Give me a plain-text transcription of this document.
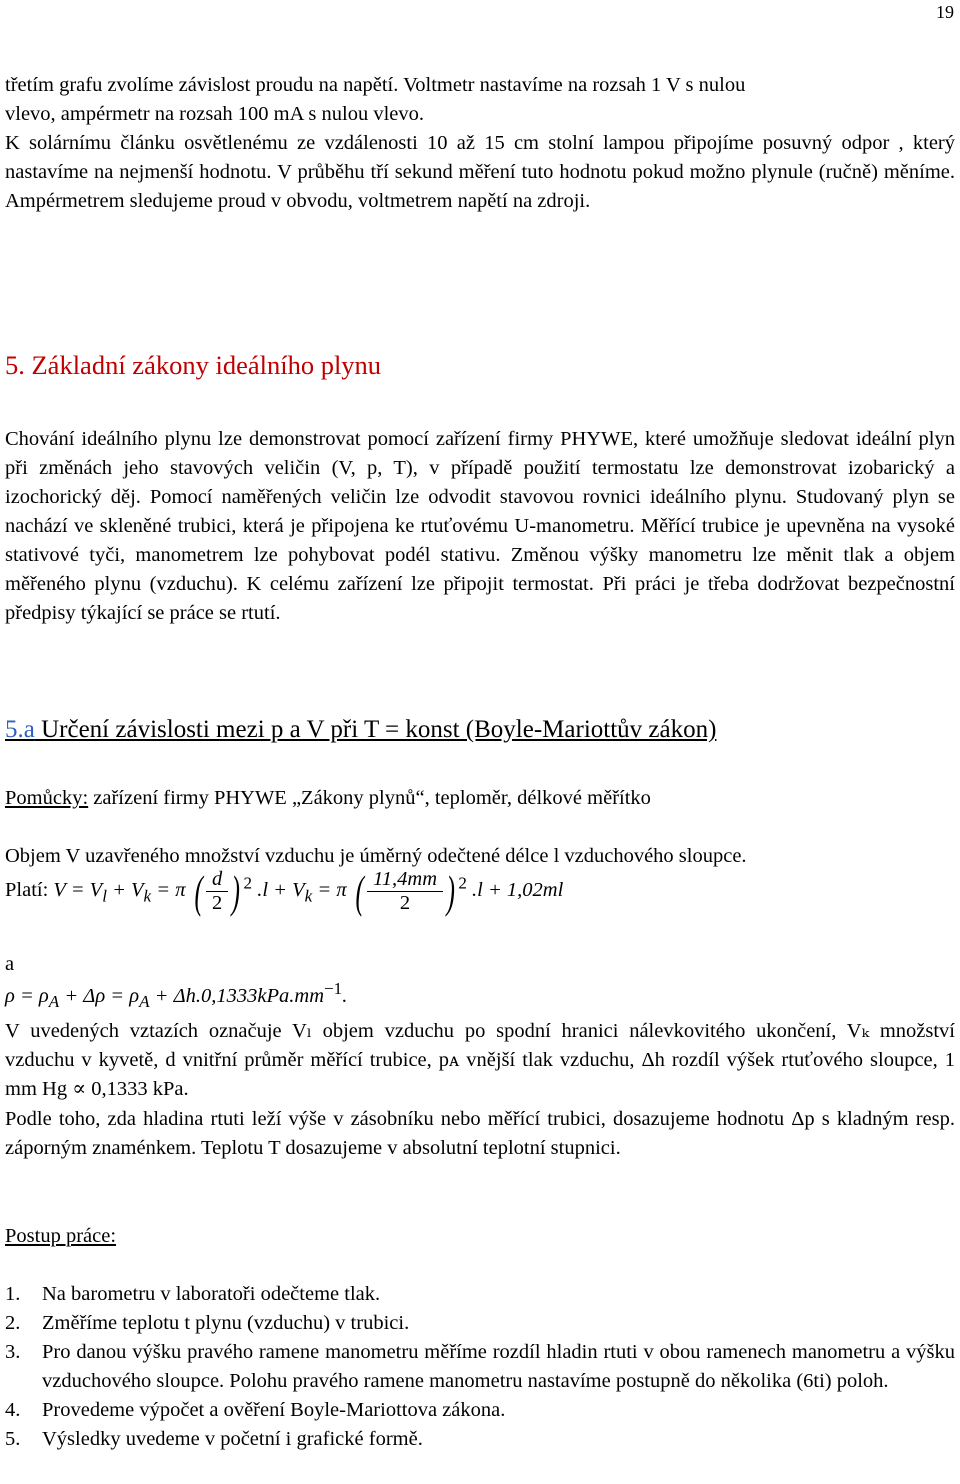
19
třetím grafu zvolíme závislost proudu na napětí. Voltmetr nastavíme na rozsah 1 V s nulou
vlevo, ampérmetr na rozsah 100 mA s nulou vlevo.
K solárnímu článku osvětlenému ze vzdálenosti 10 až 15 cm stolní lampou připojíme posuvný odpor , který nastavíme na nejmenší hodnotu. V průběhu tří sekund měření tuto hodnotu pokud možno plynule (ručně) měníme. Ampérmetrem sledujeme proud v obvodu, voltmetrem napětí na zdroji.
5. Základní zákony ideálního plynu
Chování ideálního plynu lze demonstrovat pomocí zařízení firmy PHYWE, které umožňuje sledovat ideální plyn při změnách jeho stavových veličin (V, p, T), v případě použití termostatu lze demonstrovat izobarický a izochorický děj. Pomocí naměřených veličin lze odvodit stavovou rovnici ideálního plynu. Studovaný plyn se nachází ve skleněné trubici, která je připojena ke rtuťovému U-manometru. Měřící trubice je upevněna na vysoké stativové tyči, manometrem lze pohybovat podél stativu. Změnou výšky manometru lze měnit tlak a objem měřeného plynu (vzduchu). K celému zařízení lze připojit termostat. Při práci je třeba dodržovat bezpečnostní předpisy týkající se práce se rtutí.
5.a Určení závislosti mezi p a V při T = konst (Boyle-Mariottův zákon)
Pomůcky: zařízení firmy PHYWE „Zákony plynů“, teploměr, délkové měřítko
Objem V uzavřeného množství vzduchu je úměrný odečtené délce l vzduchového sloupce.
Platí: $V = V_l + V_k = \pi$ ( $\frac{d}{2}$ ) $^2$ $.l + V_k = \pi$ ( $\frac{11,4mm}{2}$ ) $^2$ .l + 1,02ml
a
$\rho = \rho_A + \Delta\rho = \rho_A + \Delta h.0,1333kPa.mm^{-1}$.
V uvedených vztazích označuje Vₗ objem vzduchu po spodní hranici nálevkovitého ukončení, Vₖ množství vzduchu v kyvetě, d vnitřní průměr měřící trubice, pᴀ vnější tlak vzduchu, Δh rozdíl výšek rtuťového sloupce, 1 mm Hg ∝ 0,1333 kPa.
Podle toho, zda hladina rtuti leží výše v zásobníku nebo měřící trubici, dosazujeme hodnotu Δp s kladným resp. záporným znaménkem. Teplotu T dosazujeme v absolutní teplotní stupnici.
Postup práce:
1. Na barometru v laboratoři odečteme tlak.
2. Změříme teplotu t plynu (vzduchu) v trubici.
3. Pro danou výšku pravého ramene manometru měříme rozdíl hladin rtuti v obou ramenech manometru a výšku vzduchového sloupce. Polohu pravého ramene manometru nastavíme postupně do několika (6ti) poloh.
4. Provedeme výpočet a ověření Boyle-Mariottova zákona.
5. Výsledky uvedeme v početní i grafické formě.
